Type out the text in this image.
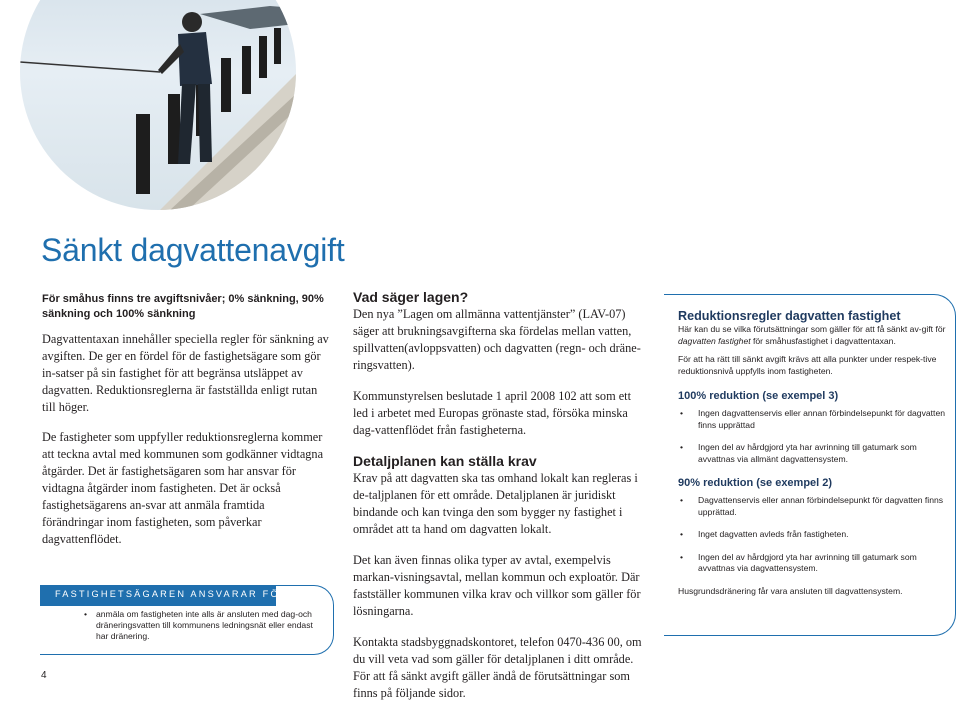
Sänkt dagvattenavgift

För småhus finns tre avgiftsnivåer; 0% sänkning, 90% sänkning och 100% sänkning

Dagvattentaxan innehåller speciella regler för sänkning av avgiften. De ger en fördel för de fastighetsägare som gör in-satser på sin fastighet för att begränsa utsläppet av dagvatten. Reduktionsreglerna är fastställda enligt rutan till höger.

De fastigheter som uppfyller reduktionsreglerna kommer att teckna avtal med kommunen som godkänner vidtagna åtgärder. Det är fastighetsägaren som har ansvar för vidtagna åtgärder inom fastigheten. Det är också fastighetsägarens an-svar att anmäla framtida förändringar inom fastigheten, som påverkar dagvattenflödet.

Vad säger lagen?

Den nya ”Lagen om allmänna vattentjänster” (LAV-07) säger att brukningsavgifterna ska fördelas mellan vatten, spillvatten(avloppsvatten) och dagvatten (regn- och dräne-ringsvatten).

Kommunstyrelsen beslutade 1 april 2008 102 att som ett led i arbetet med Europas grönaste stad, försöka minska dag-vattenflödet från fastigheterna.

Detaljplanen kan ställa krav

Krav på att dagvatten ska tas omhand lokalt kan regleras i de-taljplanen för ett område. Detaljplanen är juridiskt bindande och kan tvinga den som bygger ny fastighet i området att ta hand om dagvatten lokalt.

Det kan även finnas olika typer av avtal, exempelvis markan-visningsavtal, mellan kommun och exploatör. Där fastställer kommunen vilka krav och villkor som gäller för lösningarna.

Kontakta stadsbyggnadskontoret, telefon 0470-436 00, om du vill veta vad som gäller för detaljplanen i ditt område. För att få sänkt avgift gäller ändå de förutsättningar som finns på följande sidor.

Reduktionsregler dagvatten fastighet

Här kan du se vilka förutsättningar som gäller för att få sänkt av-gift för dagvatten fastighet för småhusfastighet i dagvattentaxan.

För att ha rätt till sänkt avgift krävs att alla punkter under respek-tive reduktionsnivå uppfylls inom fastigheten.

100% reduktion (se exempel 3)

• Ingen dagvattenservis eller annan förbindelsepunkt för dagvatten finns upprättad
• Ingen del av hårdgjord yta har avrinning till gatumark som avvattnas via allmänt dagvattensystem.

90% reduktion (se exempel 2)

• Dagvattenservis eller annan förbindelsepunkt för dagvatten finns upprättad.
• Inget dagvatten avleds från fastigheten.
• Ingen del av hårdgjord yta har avrinning till gatumark som avvattnas via dagvattensystem.

Husgrundsdränering får vara ansluten till dagvattensystem.

FASTIGHETSÄGAREN ANSVARAR FÖR ATT
• anmäla om fastigheten inte alls är ansluten med dag-och dräneringsvatten till kommunens ledningsnät eller endast har dränering.
4
